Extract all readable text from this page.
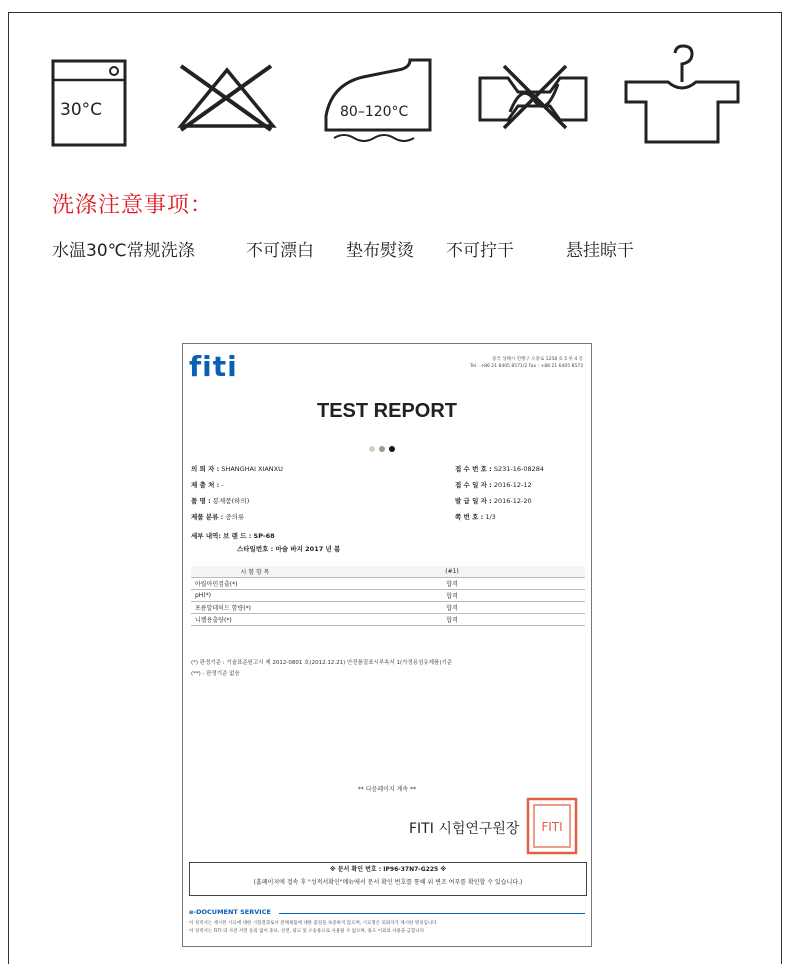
30°C	80–120°C
洗涤注意事项：
水温30℃常规洗涤	不可漂白 垫布熨烫 不可拧干	悬挂晾干
fiti	중국 상해시 민행구 오중로 1258 호 5 루 4 층
Tel : +86 21 6405 8571/2 Fax : +86 21 6405 8573
TEST REPORT
의 뢰 자 : SHANGHAI XIANXU
제 출 처 : -
품 명 : 봉제품(하의)
제품 분류 : 중의류
접 수 번 호 : S231-16-08284
접 수 일 자 : 2016-12-12
발 급 일 자 : 2016-12-20
쪽 번 호 : 1/3
세부 내역: 브 랜 드 : SP-68
스타일번호 : 마술 바지 2017 년 봄
시 험 항 목	(#1)
아릴아민검출(*)	합격
pH(*)	합격
포름알데히드 함량(*)	합격
니켈용출량(*)	합격
(*) 판정기준 : 기술표준원고시 제 2012-0801 호(2012.12.21) 안전품질표시부속서 1(가정용섬유제품)기준
(**) : 판정기준 없음
** 다음페이지 계속 **
FITI 시험연구원장 FITI
※ 문서 확인 번호 : IP96-37N7-G225 ※
(홈페이지에 접속 후 "성적서확인"메뉴에서 문서 확인 번호를 통해 위 변조 여부를 확인할 수 있습니다.)
e-DOCUMENT SERVICE
이 성적서는 제시된 시료에 대한 시험결과로서 전체제품에 대한 품질을 보증하지 않으며, 시료명은 의뢰자가 제시한 명칭입니다
이 성적서는 FITI 의 사전 서면 동의 없이 홍보, 선전, 광고 및 소송용으로 사용될 수 없으며, 용도 이외의 사용을 금합니다
